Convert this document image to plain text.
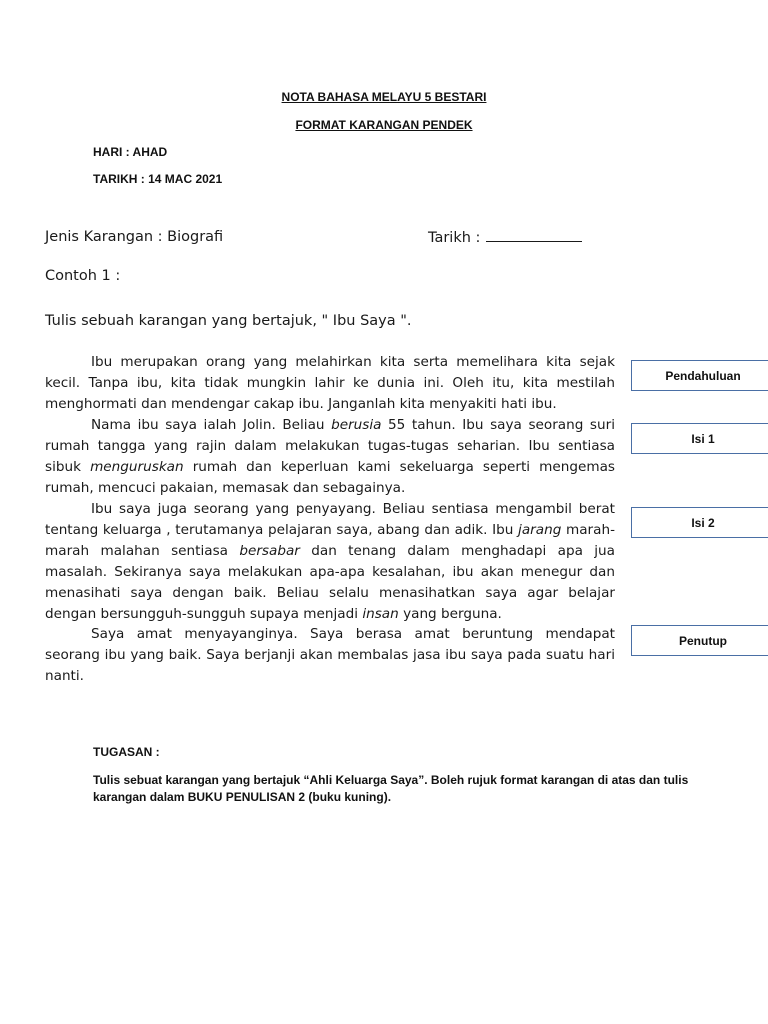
NOTA BAHASA MELAYU 5 BESTARI
FORMAT KARANGAN PENDEK
HARI : AHAD
TARIKH : 14 MAC 2021
Jenis Karangan : Biografi	Tarikh :
Contoh 1 :
Tulis sebuah karangan yang bertajuk, " Ibu Saya ".
Ibu merupakan orang yang melahirkan kita serta memelihara kita sejak kecil. Tanpa ibu, kita tidak mungkin lahir ke dunia ini. Oleh itu, kita mestilah menghormati dan mendengar cakap ibu. Janganlah kita menyakiti hati ibu.
Nama ibu saya ialah Jolin. Beliau berusia 55 tahun. Ibu saya seorang suri rumah tangga yang rajin dalam melakukan tugas-tugas seharian. Ibu sentiasa sibuk menguruskan rumah dan keperluan kami sekeluarga seperti mengemas rumah, mencuci pakaian, memasak dan sebagainya.
Ibu saya juga seorang yang penyayang. Beliau sentiasa mengambil berat tentang keluarga , terutamanya pelajaran saya, abang dan adik. Ibu jarang marah-marah malahan sentiasa bersabar dan tenang dalam menghadapi apa jua masalah. Sekiranya saya melakukan apa-apa kesalahan, ibu akan menegur dan menasihati saya dengan baik. Beliau selalu menasihatkan saya agar belajar dengan bersungguh-sungguh supaya menjadi insan yang berguna.
Saya amat menyayanginya. Saya berasa amat beruntung mendapat seorang ibu yang baik. Saya berjanji akan membalas jasa ibu saya pada suatu hari nanti.
Pendahuluan
Isi 1
Isi 2
Penutup
TUGASAN :
Tulis sebuat karangan yang bertajuk “Ahli Keluarga Saya”. Boleh rujuk format karangan di atas dan tulis karangan dalam BUKU PENULISAN 2 (buku kuning).
